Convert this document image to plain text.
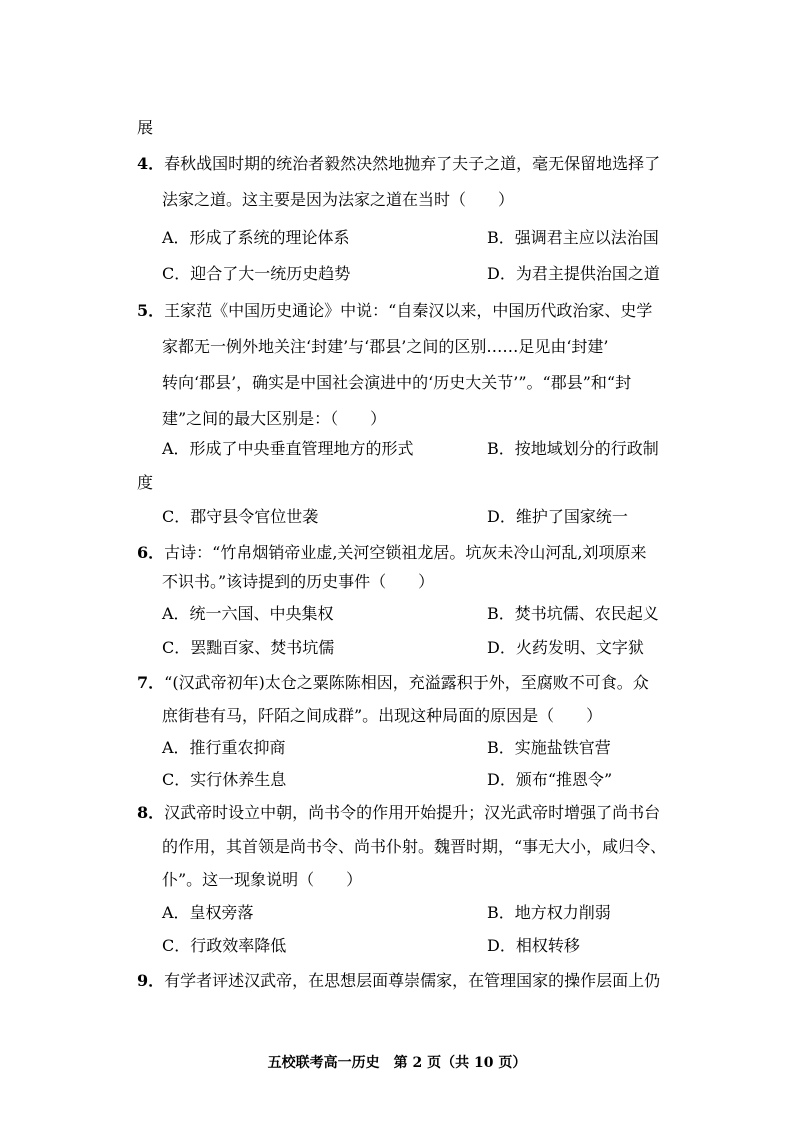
展
4．春秋战国时期的统治者毅然决然地抛弃了夫子之道，毫无保留地选择了
法家之道。这主要是因为法家之道在当时（　　）
A．形成了系统的理论体系	B．强调君主应以法治国
C．迎合了大一统历史趋势	D．为君主提供治国之道
5．王家范《中国历史通论》中说：“自秦汉以来，中国历代政治家、史学
家都无一例外地关注‘封建’与‘郡县’之间的区别……足见由‘封建’
转向‘郡县’，确实是中国社会演进中的‘历史大关节’”。“郡县”和“封
建”之间的最大区别是：（　　）
A．形成了中央垂直管理地方的形式	B．按地域划分的行政制
度
C．郡守县令官位世袭	D．维护了国家统一
6．古诗：“竹帛烟销帝业虚,关河空锁祖龙居。坑灰未冷山河乱,刘项原来
不识书。”该诗提到的历史事件（　　）
A．统一六国、中央集权	B．焚书坑儒、农民起义
C．罢黜百家、焚书坑儒	D．火药发明、文字狱
7．“(汉武帝初年)太仓之粟陈陈相因，充溢露积于外，至腐败不可食。众
庶街巷有马，阡陌之间成群”。出现这种局面的原因是（　　）
A．推行重农抑商	B．实施盐铁官营
C．实行休养生息	D．颁布“推恩令”
8．汉武帝时设立中朝，尚书令的作用开始提升；汉光武帝时增强了尚书台
的作用，其首领是尚书令、尚书仆射。魏晋时期，“事无大小，咸归令、
仆”。这一现象说明（　　）
A．皇权旁落	B．地方权力削弱
C．行政效率降低	D．相权转移
9．有学者评述汉武帝，在思想层面尊崇儒家，在管理国家的操作层面上仍
五校联考高一历史　第 2 页（共 10 页）
